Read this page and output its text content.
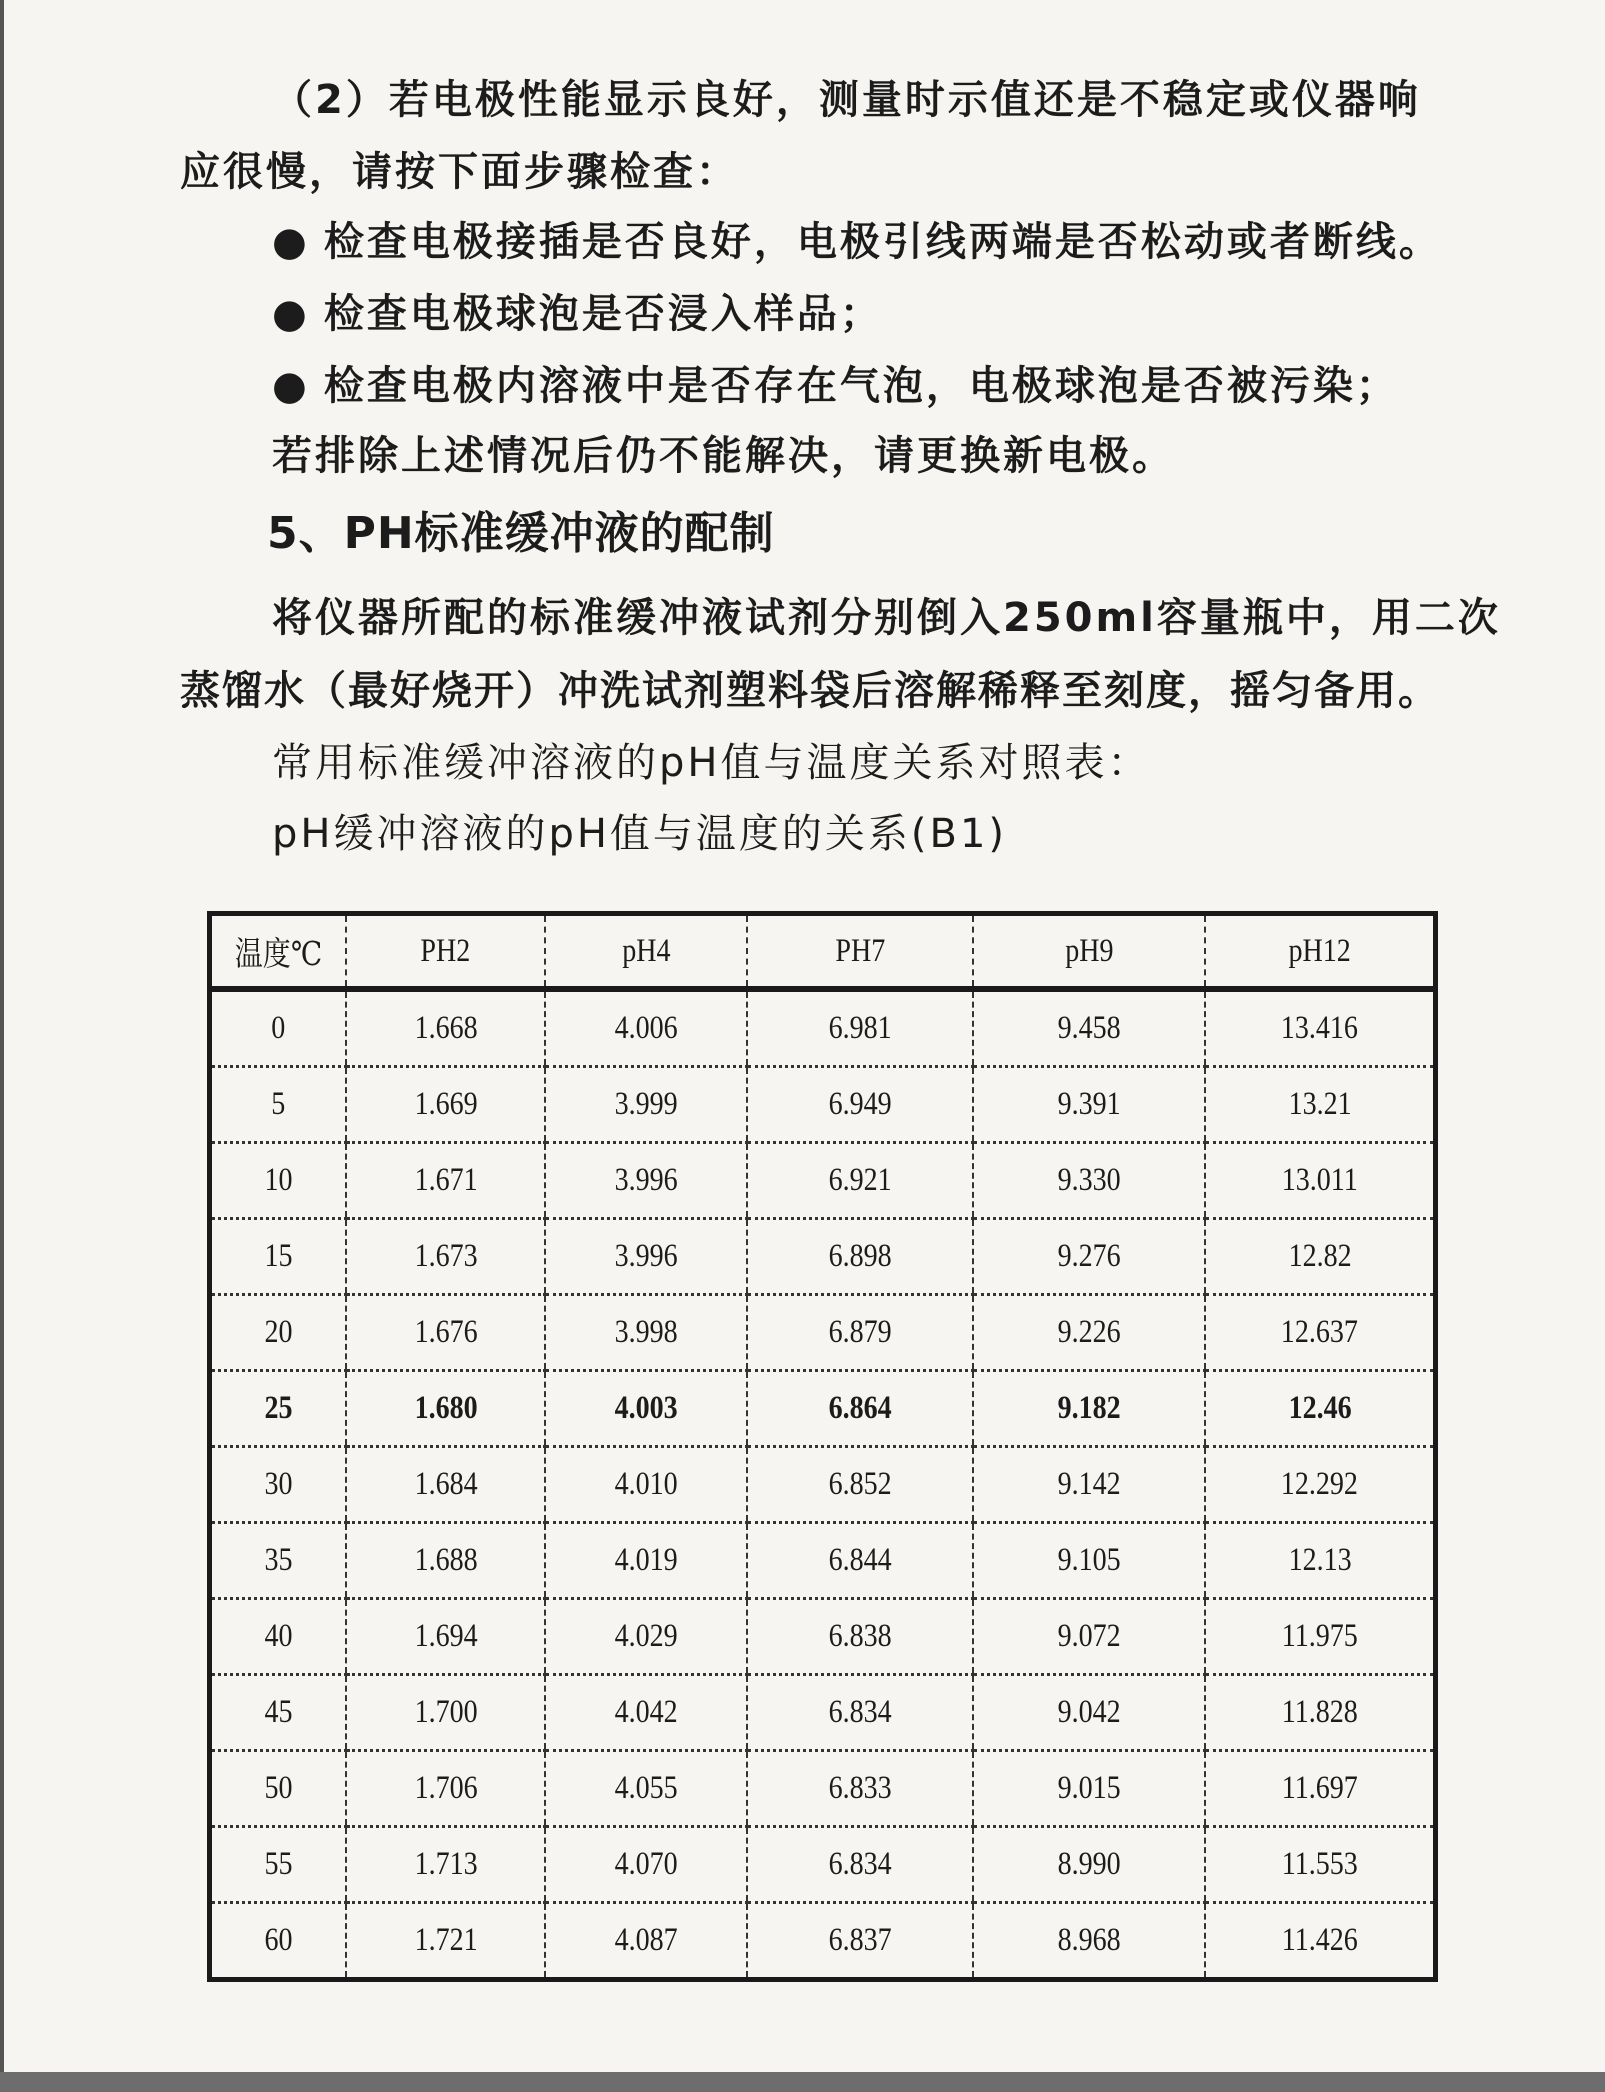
（2）若电极性能显示良好，测量时示值还是不稳定或仪器响
应很慢，请按下面步骤检查：
● 检查电极接插是否良好，电极引线两端是否松动或者断线。
● 检查电极球泡是否浸入样品；
● 检查电极内溶液中是否存在气泡，电极球泡是否被污染；
若排除上述情况后仍不能解决，请更换新电极。
5、PH标准缓冲液的配制
将仪器所配的标准缓冲液试剂分别倒入250ml容量瓶中，用二次
蒸馏水（最好烧开）冲洗试剂塑料袋后溶解稀释至刻度，摇匀备用。
常用标准缓冲溶液的pH值与温度关系对照表：
pH缓冲溶液的pH值与温度的关系(B1)
温度℃	PH2	pH4	PH7	pH9	pH12
0	1.668	4.006	6.981	9.458	13.416
5	1.669	3.999	6.949	9.391	13.21
10	1.671	3.996	6.921	9.330	13.011
15	1.673	3.996	6.898	9.276	12.82
20	1.676	3.998	6.879	9.226	12.637
25	1.680	4.003	6.864	9.182	12.46
30	1.684	4.010	6.852	9.142	12.292
35	1.688	4.019	6.844	9.105	12.13
40	1.694	4.029	6.838	9.072	11.975
45	1.700	4.042	6.834	9.042	11.828
50	1.706	4.055	6.833	9.015	11.697
55	1.713	4.070	6.834	8.990	11.553
60	1.721	4.087	6.837	8.968	11.426
